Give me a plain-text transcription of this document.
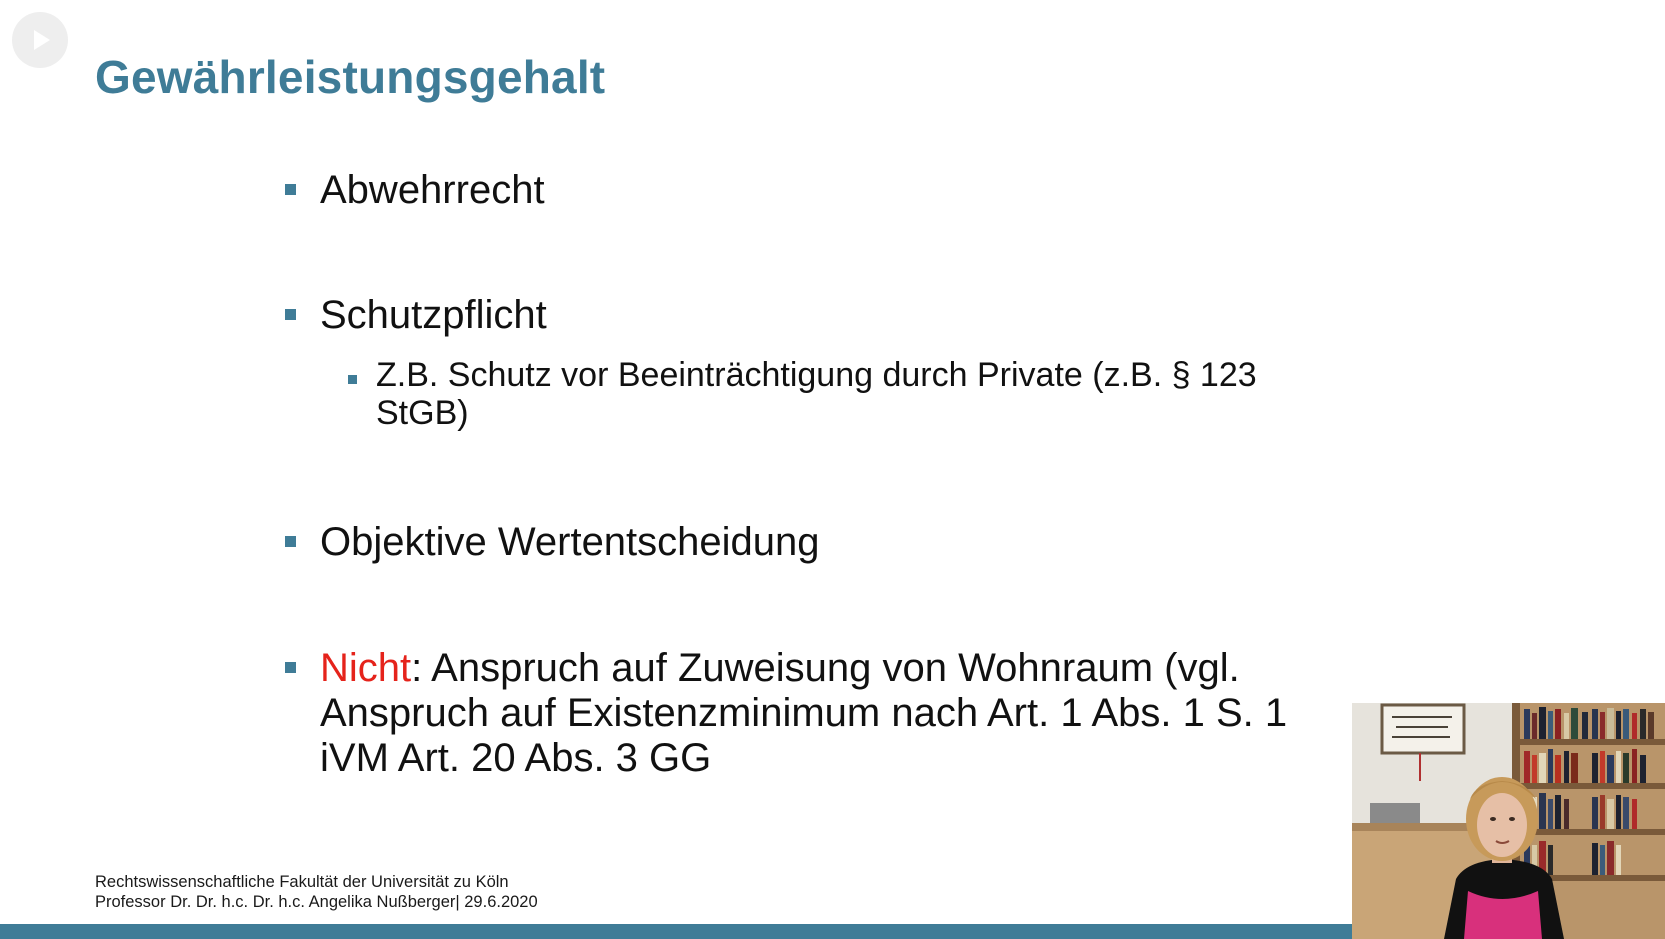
Gewährleistungsgehalt
Abwehrrecht
Schutzpflicht
Z.B. Schutz vor Beeinträchtigung durch Private (z.B. § 123
StGB)
Objektive Wertentscheidung
Nicht: Anspruch auf Zuweisung von Wohnraum (vgl.
Anspruch auf Existenzminimum nach Art. 1 Abs. 1 S. 1
iVM Art. 20 Abs. 3 GG
Rechtswissenschaftliche Fakultät der Universität zu Köln
Professor Dr. Dr. h.c. Dr. h.c. Angelika Nußberger| 29.6.2020
